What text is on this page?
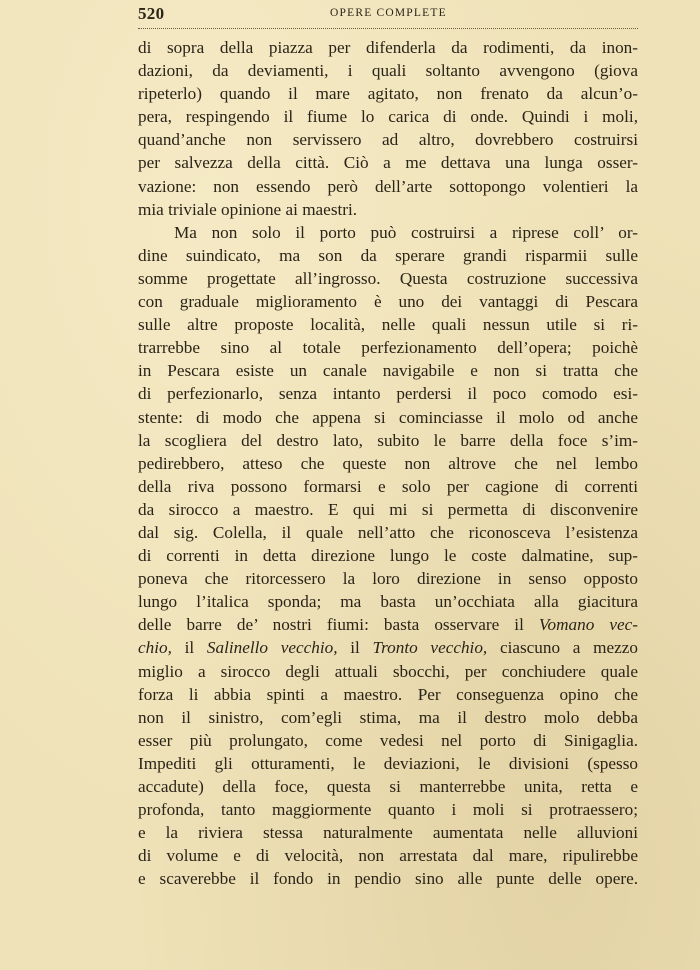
520	OPERE COMPLETE
di sopra della piazza per difenderla da rodimenti, da inon-
dazioni, da deviamenti, i quali soltanto avvengono (giova
ripeterlo) quando il mare agitato, non frenato da alcun’o-
pera, respingendo il fiume lo carica di onde. Quindi i moli,
quand’anche non servissero ad altro, dovrebbero costruirsi
per salvezza della città. Ciò a me dettava una lunga osser-
vazione: non essendo però dell’arte sottopongo volentieri la
mia triviale opinione ai maestri.
Ma non solo il porto può costruirsi a riprese coll’ or-
dine suindicato, ma son da sperare grandi risparmii sulle
somme progettate all’ingrosso. Questa costruzione successiva
con graduale miglioramento è uno dei vantaggi di Pescara
sulle altre proposte località, nelle quali nessun utile si ri-
trarrebbe sino al totale perfezionamento dell’opera; poichè
in Pescara esiste un canale navigabile e non si tratta che
di perfezionarlo, senza intanto perdersi il poco comodo esi-
stente: di modo che appena si cominciasse il molo od anche
la scogliera del destro lato, subito le barre della foce s’im-
pedirebbero, atteso che queste non altrove che nel lembo
della riva possono formarsi e solo per cagione di correnti
da sirocco a maestro. E qui mi si permetta di disconvenire
dal sig. Colella, il quale nell’atto che riconosceva l’esistenza
di correnti in detta direzione lungo le coste dalmatine, sup-
poneva che ritorcessero la loro direzione in senso opposto
lungo l’italica sponda; ma basta un’occhiata alla giacitura
delle barre de’ nostri fiumi: basta osservare il Vomano vec-
chio, il Salinello vecchio, il Tronto vecchio, ciascuno a mezzo
miglio a sirocco degli attuali sbocchi, per conchiudere quale
forza li abbia spinti a maestro. Per conseguenza opino che
non il sinistro, com’egli stima, ma il destro molo debba
esser più prolungato, come vedesi nel porto di Sinigaglia.
Impediti gli otturamenti, le deviazioni, le divisioni (spesso
accadute) della foce, questa si manterrebbe unita, retta e
profonda, tanto maggiormente quanto i moli si protraessero;
e la riviera stessa naturalmente aumentata nelle alluvioni
di volume e di velocità, non arrestata dal mare, ripulirebbe
e scaverebbe il fondo in pendio sino alle punte delle opere.
